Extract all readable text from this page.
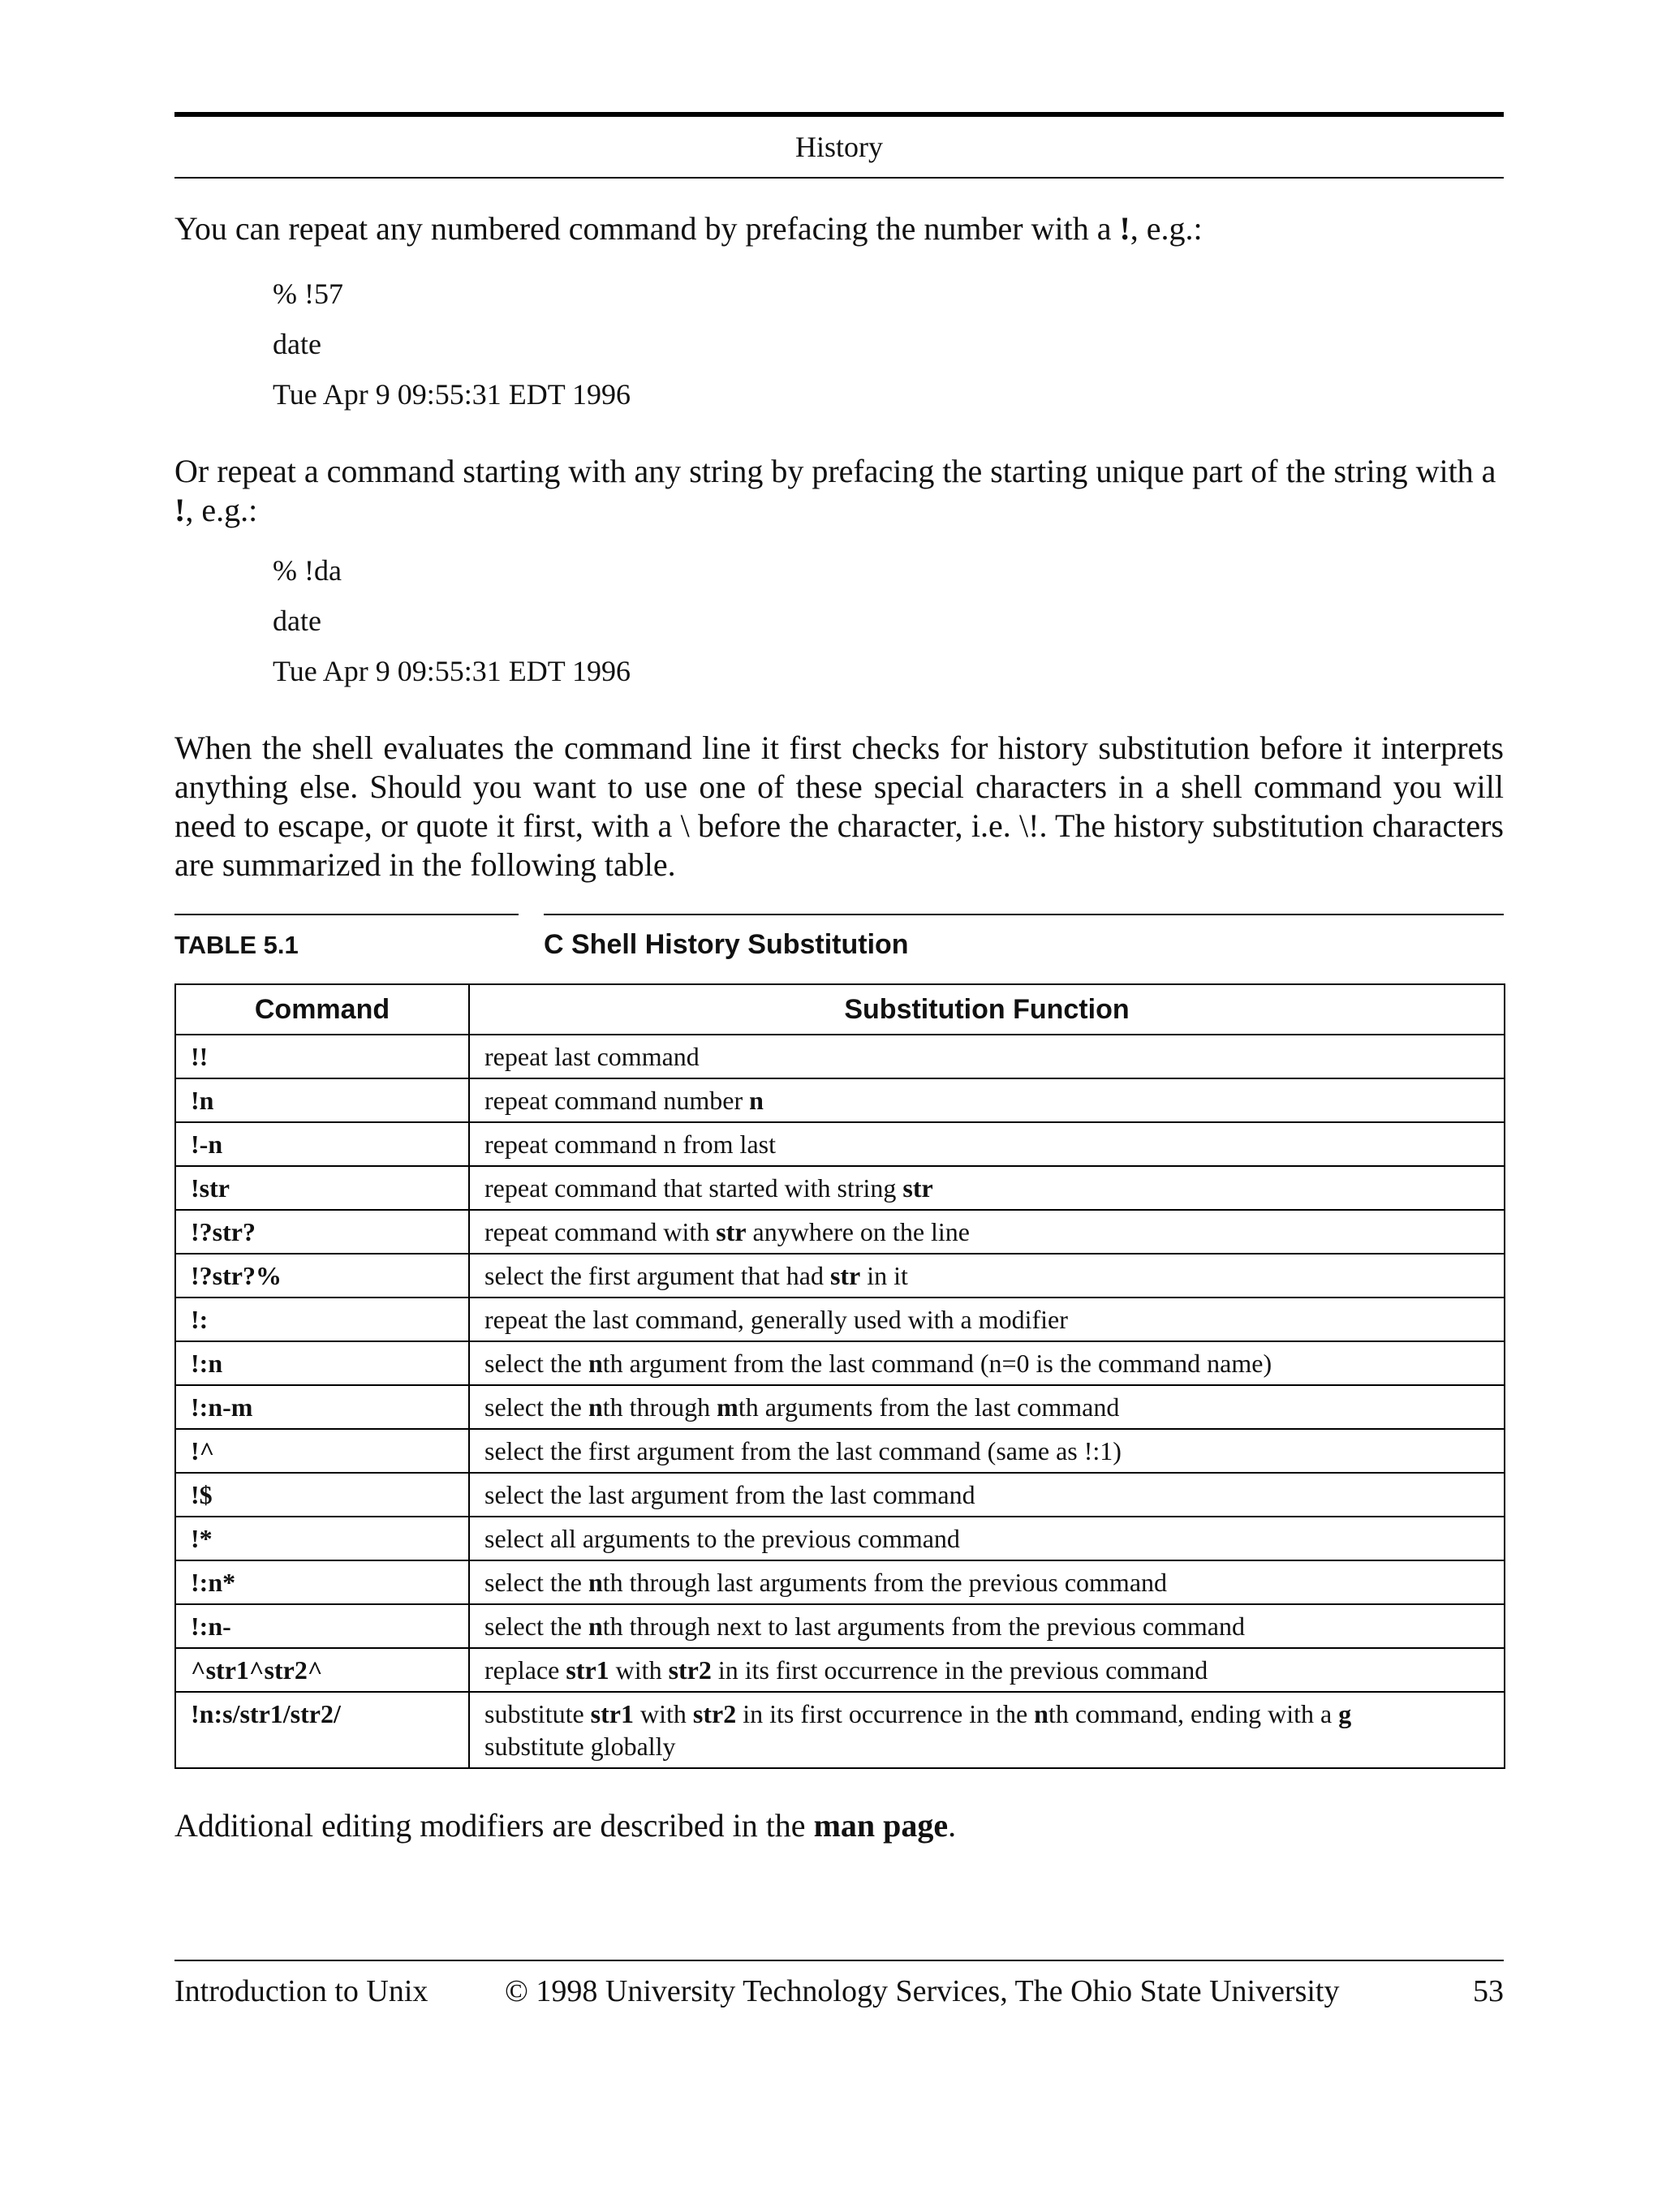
History

You can repeat any numbered command by prefacing the number with a !, e.g.:

% !57
date
Tue Apr 9 09:55:31 EDT 1996

Or repeat a command starting with any string by prefacing the starting unique part of the string with a !, e.g.:

% !da
date
Tue Apr 9 09:55:31 EDT 1996

When the shell evaluates the command line it first checks for history substitution before it interprets anything else. Should you want to use one of these special characters in a shell command you will need to escape, or quote it first, with a \ before the character, i.e. \!. The history substitution characters are summarized in the following table.

TABLE 5.1	C Shell History Substitution
Command	Substitution Function
!!	repeat last command
!n	repeat command number n
!-n	repeat command n from last
!str	repeat command that started with string str
!?str?	repeat command with str anywhere on the line
!?str?%	select the first argument that had str in it
!:	repeat the last command, generally used with a modifier
!:n	select the nth argument from the last command (n=0 is the command name)
!:n-m	select the nth through mth arguments from the last command
!^	select the first argument from the last command (same as !:1)
!$	select the last argument from the last command
!*	select all arguments to the previous command
!:n*	select the nth through last arguments from the previous command
!:n-	select the nth through next to last arguments from the previous command
^str1^str2^	replace str1 with str2 in its first occurrence in the previous command
!n:s/str1/str2/	substitute str1 with str2 in its first occurrence in the nth command, ending with a g
substitute globally

Additional editing modifiers are described in the man page.

Introduction to Unix © 1998 University Technology Services, The Ohio State University	53
